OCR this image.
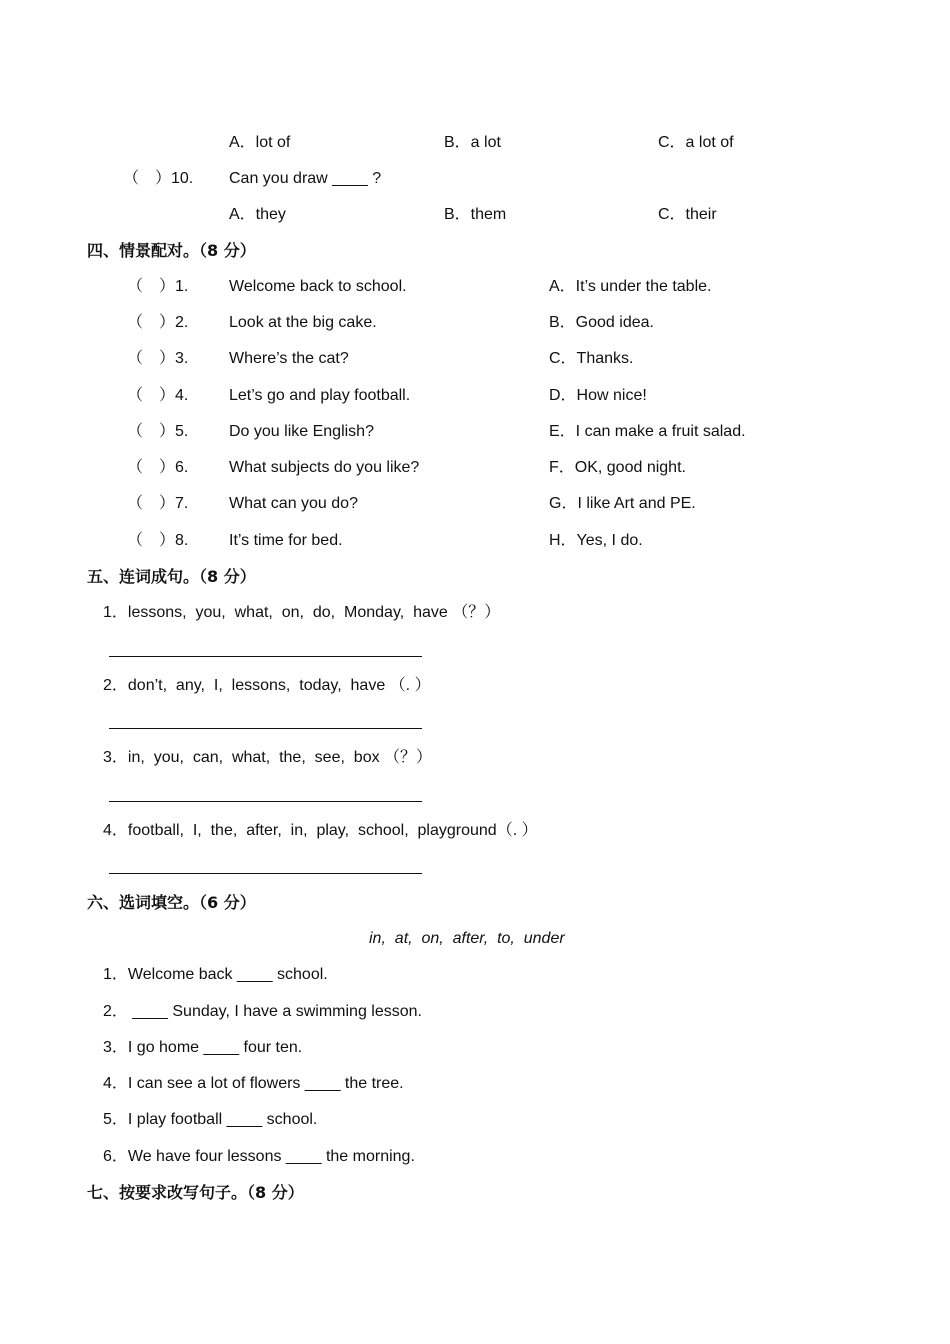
A．lot of	B．a lot	C．a lot of
（　）10. Can you draw ____ ?
A．they	B．them	C．their
四、情景配对。（8 分）
（　）1.	Welcome back to school.	A．It’s under the table.
（　）2.	Look at the big cake.	B．Good idea.
（　）3.	Where’s the cat?	C．Thanks.
（　）4.	Let’s go and play football.	D．How nice!
（　）5.	Do you like English?	E．I can make a fruit salad.
（　）6.	What subjects do you like?	F．OK, good night.
（　）7.	What can you do?	G．I like Art and PE.
（　）8.	It’s time for bed.	H．Yes, I do.
五、连词成句。（8 分）
1．lessons,  you,  what,  on,  do,  Monday,  have （？）
2．don’t,  any,  I,  lessons,  today,  have （. ）
3．in,  you,  can,  what,  the,  see,  box （？）
4．football,  I,  the,  after,  in,  play,  school,  playground（. ）
六、选词填空。（6 分）
in,  at,  on,  after,  to,  under
1．Welcome back ____ school.
2． ____ Sunday, I have a swimming lesson.
3．I go home ____ four ten.
4．I can see a lot of flowers ____ the tree.
5．I play football ____ school.
6．We have four lessons ____ the morning.
七、按要求改写句子。（8 分）
